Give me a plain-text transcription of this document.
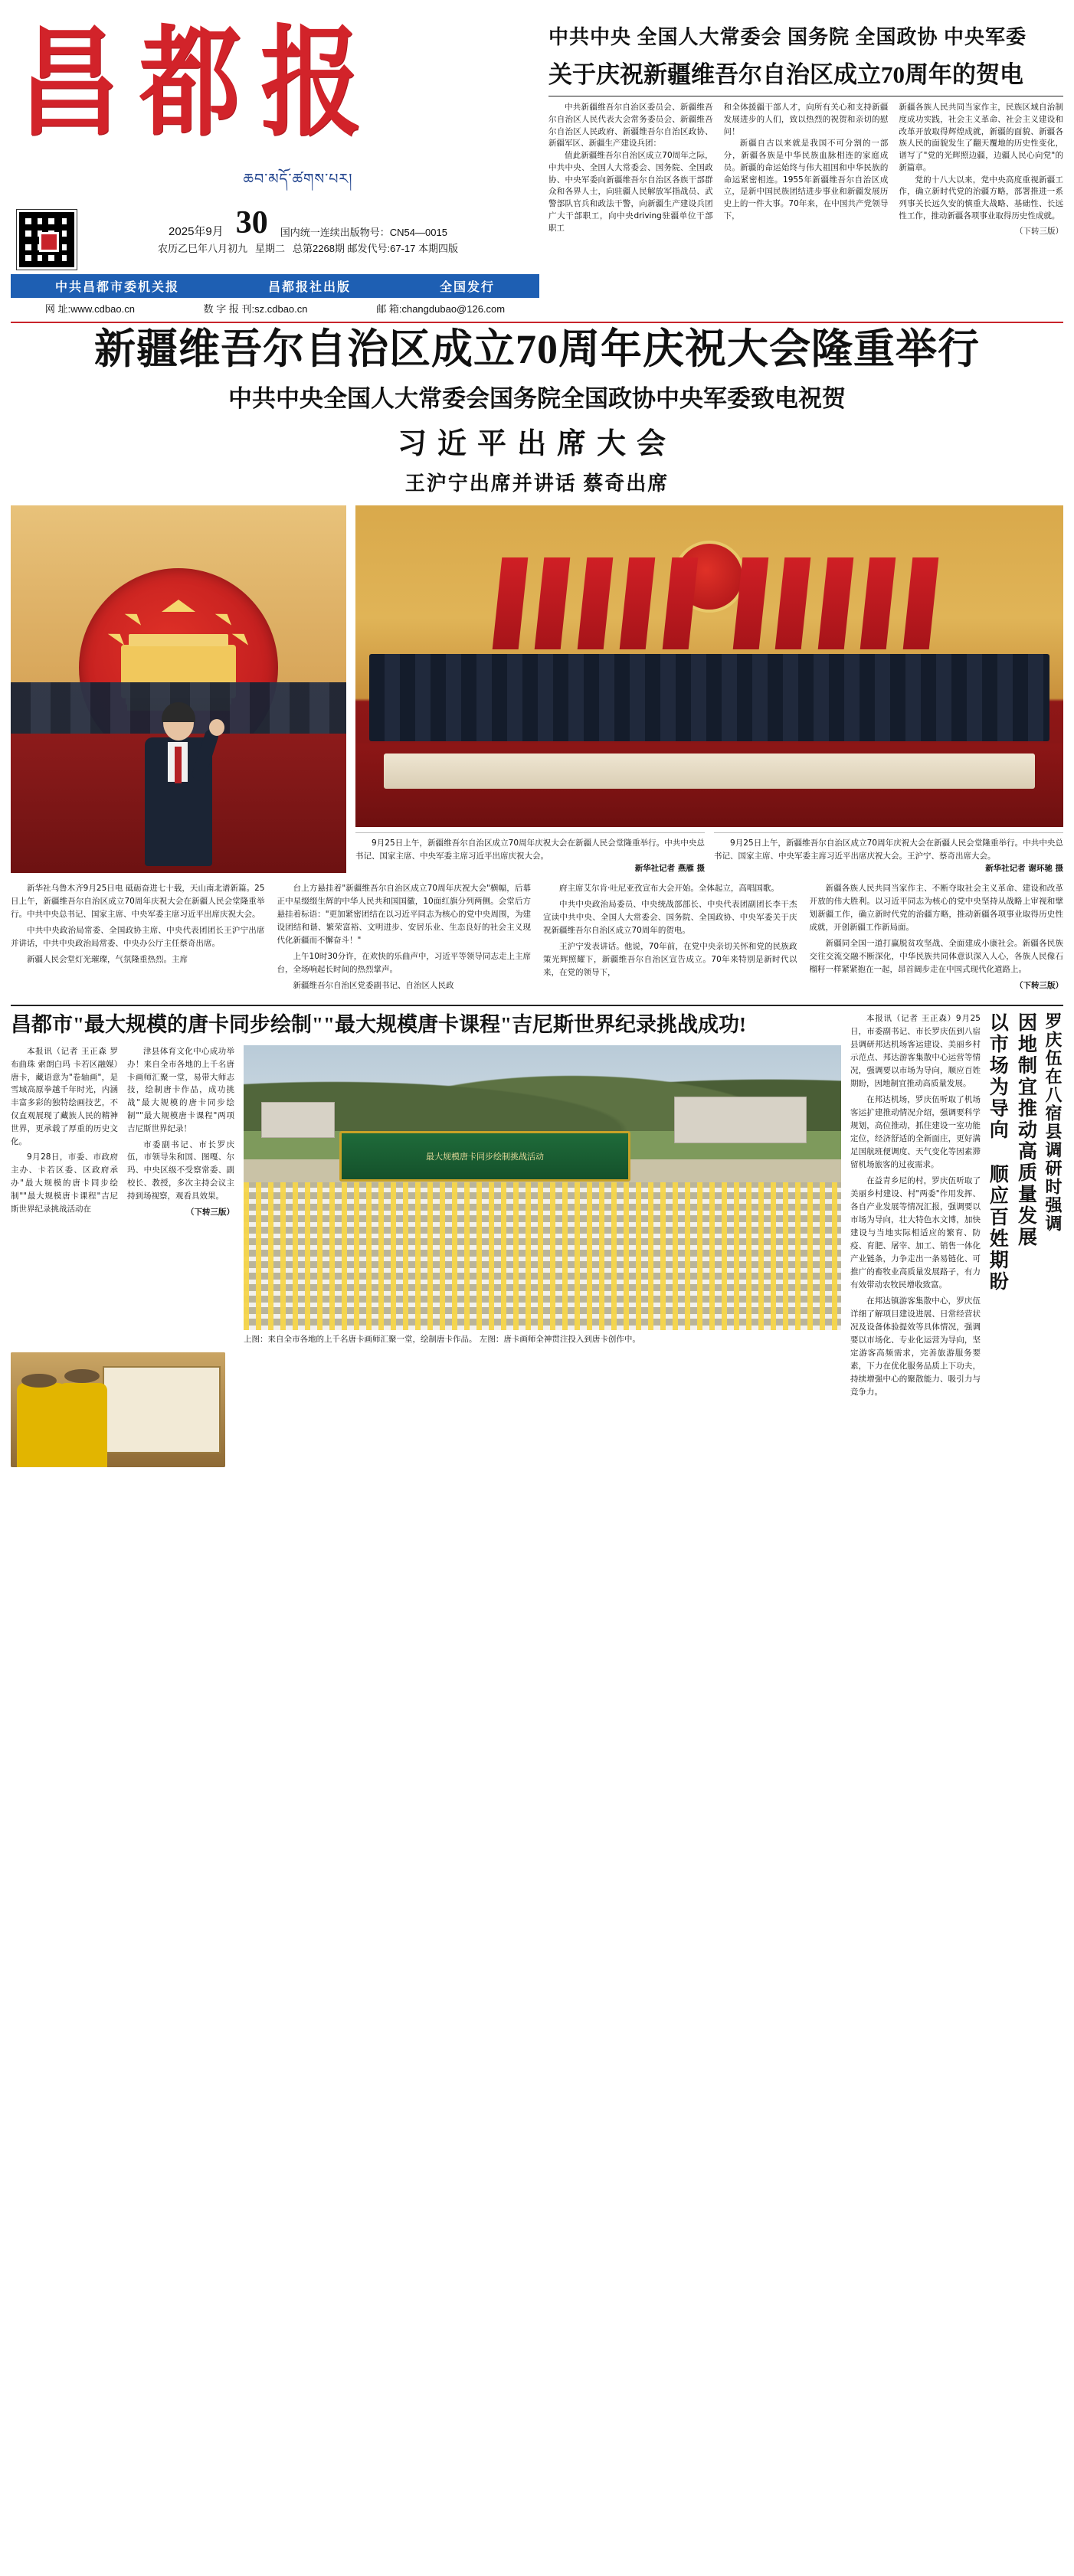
昌都报
ཆབ་མདོ་ཚགས་པར།
2025年9月 30 国内统一连续出版物号：CN54—0015
农历乙巳年八月初九 星期二 总第2268期 邮发代号:67-17 本期四版
中共昌都市委机关报	昌都报社出版	全国发行
网 址:www.cdbao.cn	数 字 报 刊:sz.cdbao.cn	邮 箱:changdubao@126.com
中共中央 全国人大常委会 国务院 全国政协 中央军委
关于庆祝新疆维吾尔自治区成立70周年的贺电
中共新疆维吾尔自治区委员会、新疆维吾尔自治区人民代表大会常务委员会、新疆维吾尔自治区人民政府、新疆维吾尔自治区政协、新疆军区、新疆生产建设兵团：
值此新疆维吾尔自治区成立70周年之际，中共中央、全国人大常委会、国务院、全国政协、中央军委向新疆维吾尔自治区各族干部群众和各界人士，向驻疆人民解放军指战员、武警部队官兵和政法干警，向新疆生产建设兵团广大干部职工，向中央driving驻疆单位干部职工
和全体援疆干部人才，向所有关心和支持新疆发展进步的人们，致以热烈的祝贺和亲切的慰问！
新疆自古以来就是我国不可分割的一部分，新疆各族是中华民族血脉相连的家庭成员。新疆的命运始终与伟大祖国和中华民族的命运紧密相连。1955年新疆维吾尔自治区成立，是新中国民族团结进步事业和新疆发展历史上的一件大事。70年来，在中国共产党领导下，
新疆各族人民共同当家作主，民族区域自治制度成功实践，社会主义革命、社会主义建设和改革开放取得辉煌成就，新疆的面貌、新疆各族人民的面貌发生了翻天覆地的历史性变化，谱写了"党的光辉照边疆，边疆人民心向党"的新篇章。
党的十八大以来，党中央高度重视新疆工作，确立新时代党的治疆方略，部署推进一系列事关长远久安的慎重大战略、基础性、长远性工作，推动新疆各项事业取得历史性成就。
（下转三版）
新疆维吾尔自治区成立70周年庆祝大会隆重举行
中共中央全国人大常委会国务院全国政协中央军委致电祝贺
习近平出席大会
王沪宁出席并讲话 蔡奇出席
9月25日上午，新疆维吾尔自治区成立70周年庆祝大会在新疆人民会堂隆重举行。中共中央总书记、国家主席、中央军委主席习近平出席庆祝大会。
新华社记者 燕雁 摄
9月25日上午，新疆维吾尔自治区成立70周年庆祝大会在新疆人民会堂隆重举行。中共中央总书记、国家主席、中央军委主席习近平出席庆祝大会。王沪宁、蔡奇出席大会。
新华社记者 谢环驰 摄

新华社乌鲁木齐9月25日电 砥砺奋进七十载，天山南北谱新篇。25日上午，新疆维吾尔自治区成立70周年庆祝大会在新疆人民会堂隆重举行。中共中央总书记、国家主席、中央军委主席习近平出席庆祝大会。

中共中央政治局常委、全国政协主席、中央代表团团长王沪宁出席并讲话，中共中央政治局常委、中央办公厅主任蔡奇出席。

新疆人民会堂灯光璀璨，气氛隆重热烈。主席

台上方悬挂着"新疆维吾尔自治区成立70周年庆祝大会"横幅，后幕正中星缀缀生辉的中华人民共和国国徽，10面红旗分列两侧。会堂后方悬挂着标语："更加紧密团结在以习近平同志为核心的党中央周围，为建设团结和谐、繁荣富裕、文明进步、安居乐业、生态良好的社会主义现代化新疆而不懈奋斗！"

上午10时30分许，在欢快的乐曲声中，习近平等领导同志走上主席台，全场响起长时间的热烈掌声。

新疆维吾尔自治区党委副书记、自治区人民政

府主席艾尔肯·吐尼亚孜宣布大会开始。全体起立，高唱国歌。

中共中央政治局委员、中央统战部部长、中央代表团副团长李干杰宣读中共中央、全国人大常委会、国务院、全国政协、中央军委关于庆祝新疆维吾尔自治区成立70周年的贺电。

王沪宁发表讲话。他说，70年前，在党中央亲切关怀和党的民族政策光辉照耀下，新疆维吾尔自治区宣告成立。70年来特别是新时代以来，在党的领导下，

新疆各族人民共同当家作主、不断夺取社会主义革命、建设和改革开放的伟大胜利。以习近平同志为核心的党中央坚持从战略上审视和擘划新疆工作，确立新时代党的治疆方略，推动新疆各项事业取得历史性成就，开创新疆工作新局面。

新疆同全国一道打赢脱贫攻坚战、全面建成小康社会。新疆各民族交往交流交融不断深化，中华民族共同体意识深入人心，各族人民像石榴籽一样紧紧抱在一起，昂首阔步走在中国式现代化道路上。

（下转三版）

昌都市"最大规模的唐卡同步绘制""最大规模唐卡课程"吉尼斯世界纪录挑战成功!

本报讯（记者 王正森 罗布曲珠 索朗白玛 卡若区融媒）唐卡，藏语意为"卷轴画"，是雪域高原拳越千年时光，内涵丰富多彩的独特绘画技艺，不仅直观展现了藏族人民的精神世界，更承载了厚重的历史文化。

9月28日，市委、市政府主办、卡若区委、区政府承办"最大规模的唐卡同步绘制""最大规模唐卡课程"吉尼斯世界纪录挑战活动在

津县体育文化中心成功举办！来自全市各地的上千名唐卡画师汇聚一堂，易带大师志技，绘制唐卡作品，成功挑战"最大规模的唐卡同步绘制""最大规模唐卡课程"两项吉尼斯世界纪录！

市委副书记、市长罗庆伍，市领导朱和国、图嘎、尔玛、中央区级不受察常委、副校长、教授，多次主持会议主持到场视察，观看具效果。

（下转三版）

最大规模唐卡同步绘制挑战活动
上图：来自全市各地的上千名唐卡画师汇聚一堂，绘制唐卡作品。 左图：唐卡画师全神贯注投入到唐卡创作中。

本报讯（记者 王正森）9月25日，市委副书记、市长罗庆伍到八宿县调研邦达机场客运建设、美丽乡村示范点、邦达游客集散中心运营等情况，强调要以市场为导向，顺应百姓期盼，因地制宜推动高质量发展。

在邦达机场，罗庆伍听取了机场客运扩建推动情况介绍，强调要科学规划，高位推动，抓住建设一室功能定位，经济舒适的全新面庄，更好满足国航班便调度、天气变化等因素滞留机场旅客的过夜需求。

在益青乡尼的村，罗庆伍听取了美丽乡村建设、村"两委"作用发挥、各自产业发展等情况汇报，强调要以市场为导向，壮大特色水文博，加快建设与当地实际相适应的繁育、防疫、育肥、屠宰、加工、销售一体化产业链条，力争走出一条易链化、可推广的畜牧业高质量发展路子，有力有效带动农牧民增收致富。

在邦达镇游客集散中心，罗庆伍详细了解项目建设进展、日常经营状况及设备体验提效等具体情况，强调要以市场化、专业化运营为导向，坚定游客高频需求，完善旅游服务要素，下力在优化服务品质上下功夫，持续增强中心的聚散能力、吸引力与竞争力。

以市场为导向 顺应百姓期盼 因地制宜推动高质量发展 罗庆伍在八宿县调研时强调
